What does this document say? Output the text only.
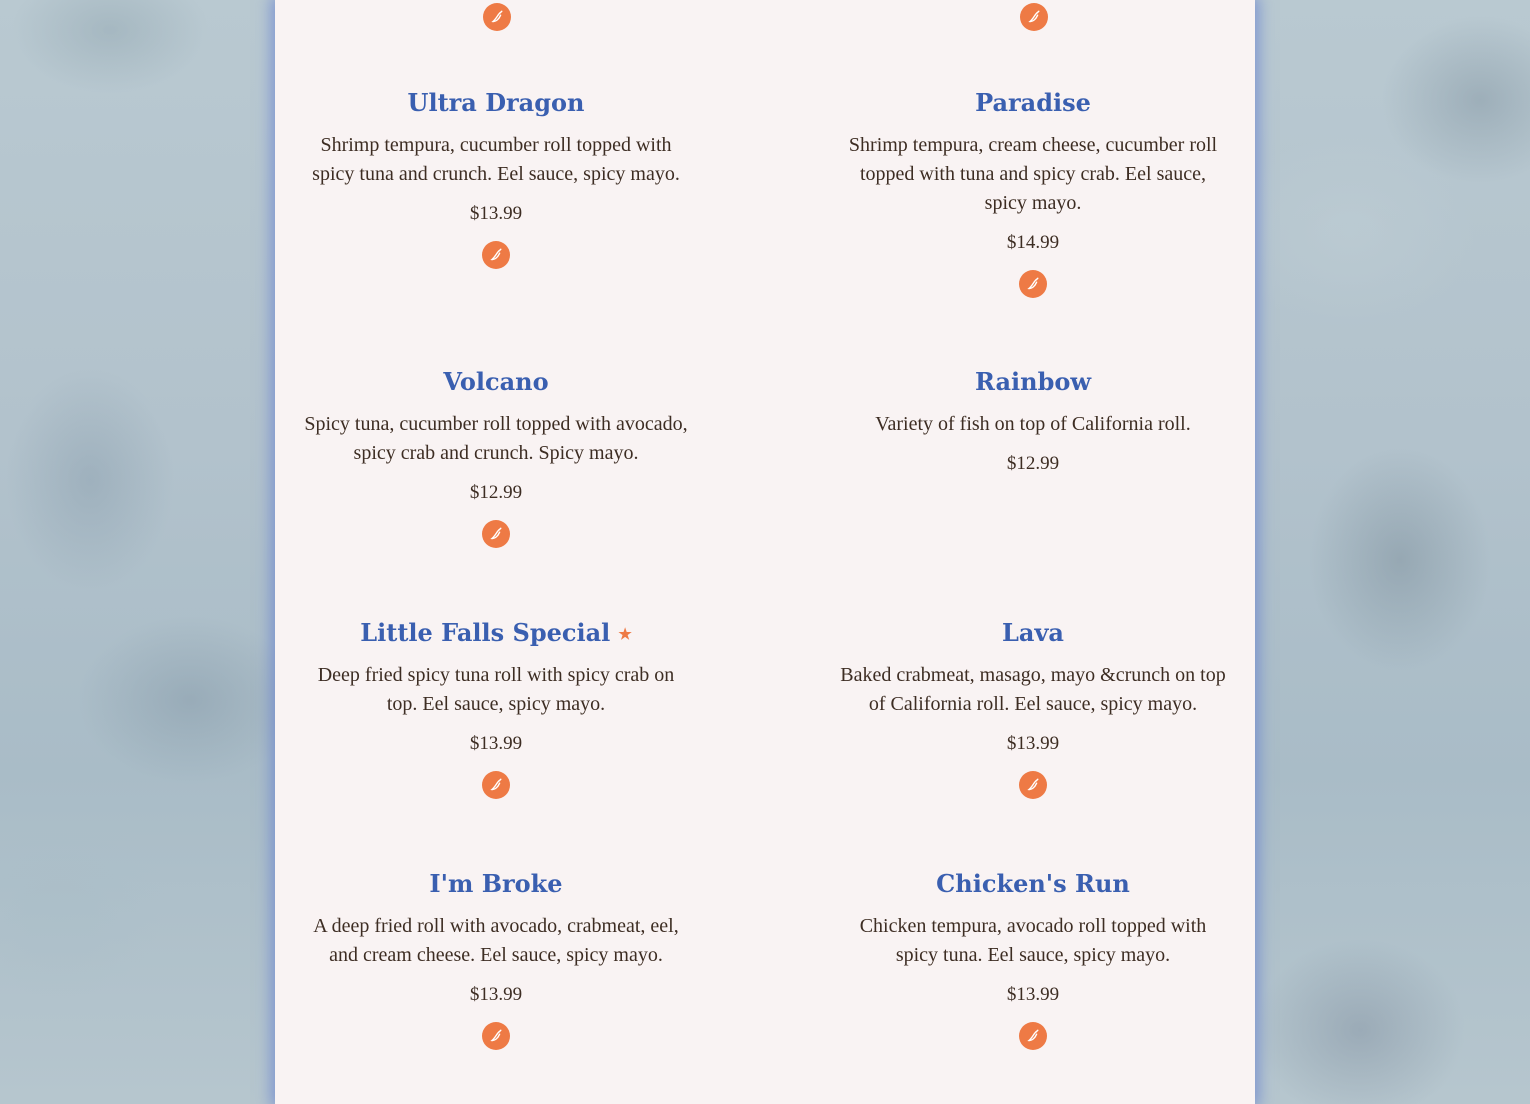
Ultra Dragon
Shrimp tempura, cucumber roll topped with spicy tuna and crunch. Eel sauce, spicy mayo.
$13.99
Paradise
Shrimp tempura, cream cheese, cucumber roll topped with tuna and spicy crab. Eel sauce, spicy mayo.
$14.99
Volcano
Spicy tuna, cucumber roll topped with avocado, spicy crab and crunch. Spicy mayo.
$12.99
Rainbow
Variety of fish on top of California roll.
$12.99
Little Falls Special ★
Deep fried spicy tuna roll with spicy crab on top. Eel sauce, spicy mayo.
$13.99
Lava
Baked crabmeat, masago, mayo &crunch on top of California roll. Eel sauce, spicy mayo.
$13.99
I'm Broke
A deep fried roll with avocado, crabmeat, eel, and cream cheese. Eel sauce, spicy mayo.
$13.99
Chicken's Run
Chicken tempura, avocado roll topped with spicy tuna. Eel sauce, spicy mayo.
$13.99
